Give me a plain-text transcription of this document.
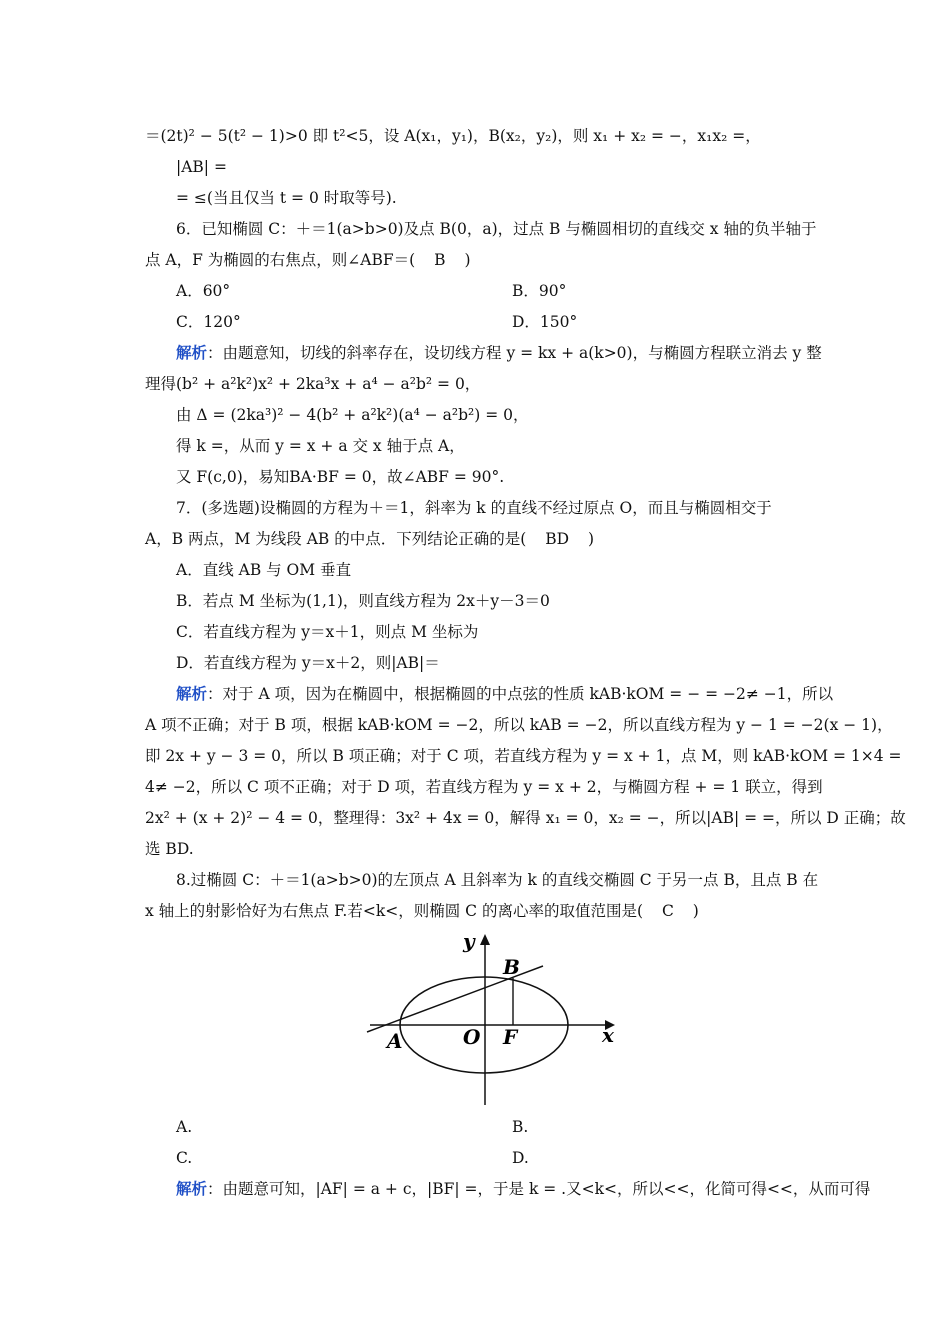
＝(2t)² − 5(t² − 1)>0 即 t²<5，设 A(x₁，y₁)，B(x₂，y₂)，则 x₁ + x₂ = −，x₁x₂ =，
|AB| =
= ≤(当且仅当 t = 0 时取等号).
6．已知椭圆 C：＋＝1(a>b>0)及点 B(0，a)，过点 B 与椭圆相切的直线交 x 轴的负半轴于
点 A，F 为椭圆的右焦点，则∠ABF＝( B )
A．60°	B．90°
C．120°	D．150°
解析：由题意知，切线的斜率存在，设切线方程 y = kx + a(k>0)，与椭圆方程联立消去 y 整
理得(b² + a²k²)x² + 2ka³x + a⁴ − a²b² = 0，
由 Δ = (2ka³)² − 4(b² + a²k²)(a⁴ − a²b²) = 0，
得 k =，从而 y = x + a 交 x 轴于点 A，
又 F(c,0)，易知BA·BF = 0，故∠ABF = 90°.
7．(多选题)设椭圆的方程为＋＝1，斜率为 k 的直线不经过原点 O，而且与椭圆相交于
A，B 两点，M 为线段 AB 的中点．下列结论正确的是( BD )
A．直线 AB 与 OM 垂直
B．若点 M 坐标为(1,1)，则直线方程为 2x＋y－3＝0
C．若直线方程为 y＝x＋1，则点 M 坐标为
D．若直线方程为 y＝x＋2，则|AB|＝
解析：对于 A 项，因为在椭圆中，根据椭圆的中点弦的性质 kAB·kOM = − = −2≠ −1，所以
A 项不正确；对于 B 项，根据 kAB·kOM = −2，所以 kAB = −2，所以直线方程为 y − 1 = −2(x − 1)，
即 2x + y − 3 = 0，所以 B 项正确；对于 C 项，若直线方程为 y = x + 1，点 M，则 kAB·kOM = 1×4 =
4≠ −2，所以 C 项不正确；对于 D 项，若直线方程为 y = x + 2，与椭圆方程 + = 1 联立，得到
2x² + (x + 2)² − 4 = 0，整理得：3x² + 4x = 0，解得 x₁ = 0，x₂ = −，所以|AB| = =，所以 D 正确；故
选 BD.
8.过椭圆 C：＋＝1(a>b>0)的左顶点 A 且斜率为 k 的直线交椭圆 C 于另一点 B，且点 B 在
x 轴上的射影恰好为右焦点 F.若<k<，则椭圆 C 的离心率的取值范围是( C )
y
x
B
A	O F
A.	B.
C.	D.
解析：由题意可知，|AF| = a + c，|BF| =，于是 k = .又<k<，所以<<，化简可得<<，从而可得
